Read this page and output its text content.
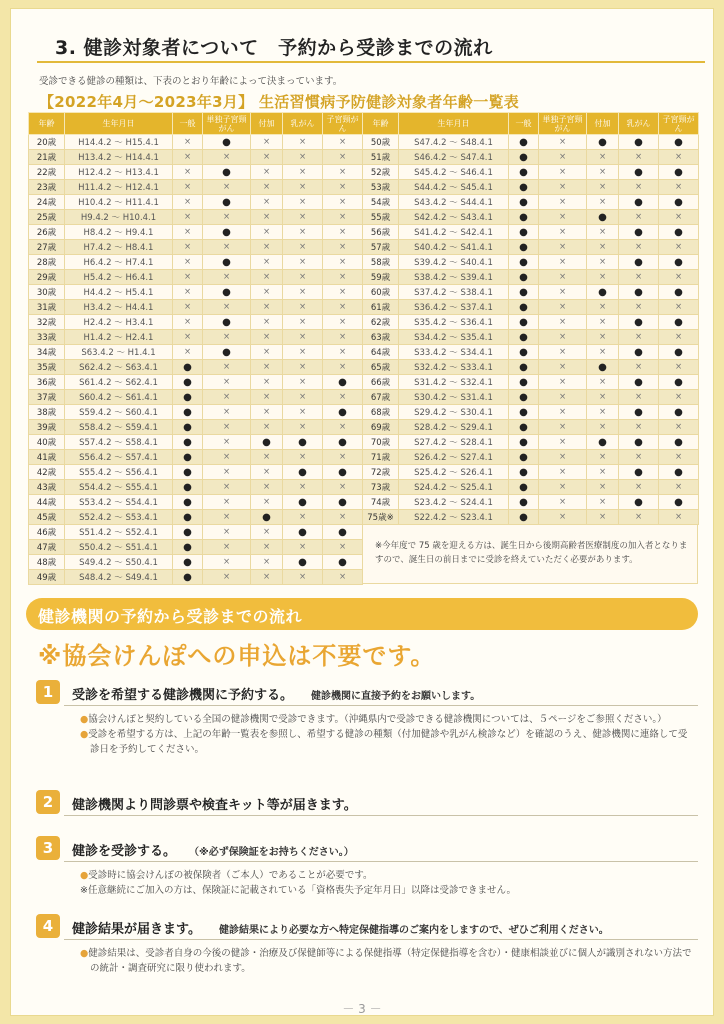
3. 健診対象者について　予約から受診までの流れ
受診できる健診の種類は、下表のとおり年齢によって決まっています。
【2022年4月～2023年3月】 生活習慣病予防健診対象者年齢一覧表
年齢	生年月日	一般	単独子宮頸がん	付加	乳がん	子宮頸がん
20歳	H14.4.2 ～ H15.4.1	×	●	×	×	×
21歳	H13.4.2 ～ H14.4.1	×	×	×	×	×
22歳	H12.4.2 ～ H13.4.1	×	●	×	×	×
23歳	H11.4.2 ～ H12.4.1	×	×	×	×	×
24歳	H10.4.2 ～ H11.4.1	×	●	×	×	×
25歳	H9.4.2 ～ H10.4.1	×	×	×	×	×
26歳	H8.4.2 ～ H9.4.1	×	●	×	×	×
27歳	H7.4.2 ～ H8.4.1	×	×	×	×	×
28歳	H6.4.2 ～ H7.4.1	×	●	×	×	×
29歳	H5.4.2 ～ H6.4.1	×	×	×	×	×
30歳	H4.4.2 ～ H5.4.1	×	●	×	×	×
31歳	H3.4.2 ～ H4.4.1	×	×	×	×	×
32歳	H2.4.2 ～ H3.4.1	×	●	×	×	×
33歳	H1.4.2 ～ H2.4.1	×	×	×	×	×
34歳	S63.4.2 ～ H1.4.1	×	●	×	×	×
35歳	S62.4.2 ～ S63.4.1	●	×	×	×	×
36歳	S61.4.2 ～ S62.4.1	●	×	×	×	●
37歳	S60.4.2 ～ S61.4.1	●	×	×	×	×
38歳	S59.4.2 ～ S60.4.1	●	×	×	×	●
39歳	S58.4.2 ～ S59.4.1	●	×	×	×	×
40歳	S57.4.2 ～ S58.4.1	●	×	●	●	●
41歳	S56.4.2 ～ S57.4.1	●	×	×	×	×
42歳	S55.4.2 ～ S56.4.1	●	×	×	●	●
43歳	S54.4.2 ～ S55.4.1	●	×	×	×	×
44歳	S53.4.2 ～ S54.4.1	●	×	×	●	●
45歳	S52.4.2 ～ S53.4.1	●	×	●	×	×
46歳	S51.4.2 ～ S52.4.1	●	×	×	●	●
47歳	S50.4.2 ～ S51.4.1	●	×	×	×	×
48歳	S49.4.2 ～ S50.4.1	●	×	×	●	●
49歳	S48.4.2 ～ S49.4.1	●	×	×	×	×
年齢	生年月日	一般	単独子宮頸がん	付加	乳がん	子宮頸がん
50歳	S47.4.2 ～ S48.4.1	●	×	●	●	●
51歳	S46.4.2 ～ S47.4.1	●	×	×	×	×
52歳	S45.4.2 ～ S46.4.1	●	×	×	●	●
53歳	S44.4.2 ～ S45.4.1	●	×	×	×	×
54歳	S43.4.2 ～ S44.4.1	●	×	×	●	●
55歳	S42.4.2 ～ S43.4.1	●	×	●	×	×
56歳	S41.4.2 ～ S42.4.1	●	×	×	●	●
57歳	S40.4.2 ～ S41.4.1	●	×	×	×	×
58歳	S39.4.2 ～ S40.4.1	●	×	×	●	●
59歳	S38.4.2 ～ S39.4.1	●	×	×	×	×
60歳	S37.4.2 ～ S38.4.1	●	×	●	●	●
61歳	S36.4.2 ～ S37.4.1	●	×	×	×	×
62歳	S35.4.2 ～ S36.4.1	●	×	×	●	●
63歳	S34.4.2 ～ S35.4.1	●	×	×	×	×
64歳	S33.4.2 ～ S34.4.1	●	×	×	●	●
65歳	S32.4.2 ～ S33.4.1	●	×	●	×	×
66歳	S31.4.2 ～ S32.4.1	●	×	×	●	●
67歳	S30.4.2 ～ S31.4.1	●	×	×	×	×
68歳	S29.4.2 ～ S30.4.1	●	×	×	●	●
69歳	S28.4.2 ～ S29.4.1	●	×	×	×	×
70歳	S27.4.2 ～ S28.4.1	●	×	●	●	●
71歳	S26.4.2 ～ S27.4.1	●	×	×	×	×
72歳	S25.4.2 ～ S26.4.1	●	×	×	●	●
73歳	S24.4.2 ～ S25.4.1	●	×	×	×	×
74歳	S23.4.2 ～ S24.4.1	●	×	×	●	●
75歳※	S22.4.2 ～ S23.4.1	●	×	×	×	×
※今年度で 75 歳を迎える方は、誕生日から後期高齢者医療制度の加入者となりますので、誕生日の前日までに受診を終えていただく必要があります。
健診機関の予約から受診までの流れ
※協会けんぽへの申込は不要です。
1	受診を希望する健診機関に予約する。 健診機関に直接予約をお願いします。

●協会けんぽと契約している全国の健診機関で受診できます。（沖縄県内で受診できる健診機関については、５ページをご参照ください。）

●受診を希望する方は、上記の年齢一覧表を参照し、希望する健診の種類（付加健診や乳がん検診など）を確認のうえ、健診機関に連絡して受診日を予約してください。

2	健診機関より問診票や検査キット等が届きます。
3	健診を受診する。 （※必ず保険証をお持ちください。）

●受診時に協会けんぽの被保険者（ご本人）であることが必要です。

※任意継続にご加入の方は、保険証に記載されている「資格喪失予定年月日」以降は受診できません。

4	健診結果が届きます。 健診結果により必要な方へ特定保健指導のご案内をしますので、ぜひご利用ください。

●健診結果は、受診者自身の今後の健診・治療及び保健師等による保健指導（特定保健指導を含む）・健康相談並びに個人が識別されない方法での統計・調査研究に限り使われます。

－ 3 －
